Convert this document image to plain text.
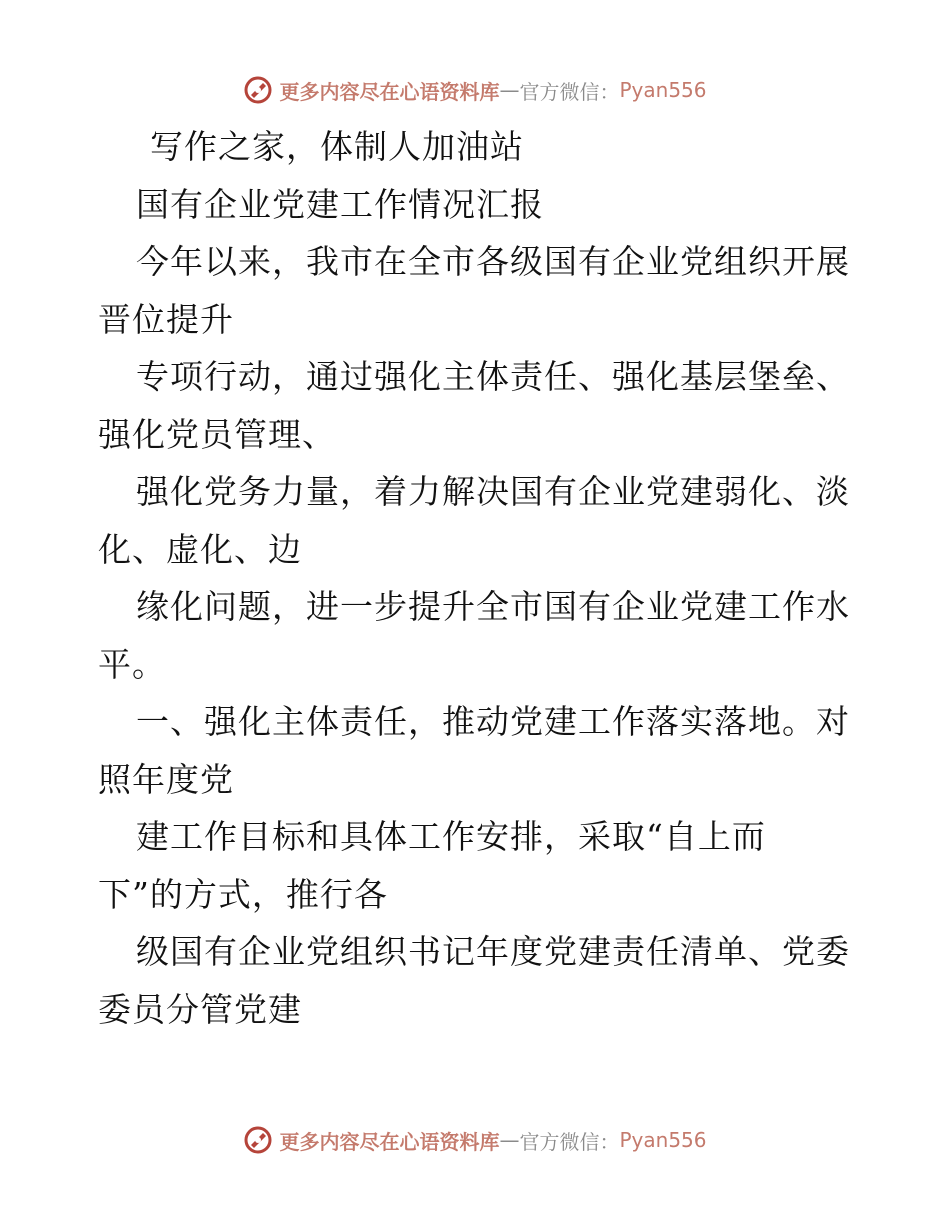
更多内容尽在心语资料库 — 官方微信： Pyan556
写作之家，体制人加油站
国有企业党建工作情况汇报
今年以来，我市在全市各级国有企业党组织开展
晋位提升
专项行动，通过强化主体责任、强化基层堡垒、
强化党员管理、
强化党务力量，着力解决国有企业党建弱化、淡
化、虚化、边
缘化问题，进一步提升全市国有企业党建工作水
平。
一、强化主体责任，推动党建工作落实落地。对
照年度党
建工作目标和具体工作安排，采取“自上而
下”的方式，推行各
级国有企业党组织书记年度党建责任清单、党委
委员分管党建
更多内容尽在心语资料库 — 官方微信： Pyan556
